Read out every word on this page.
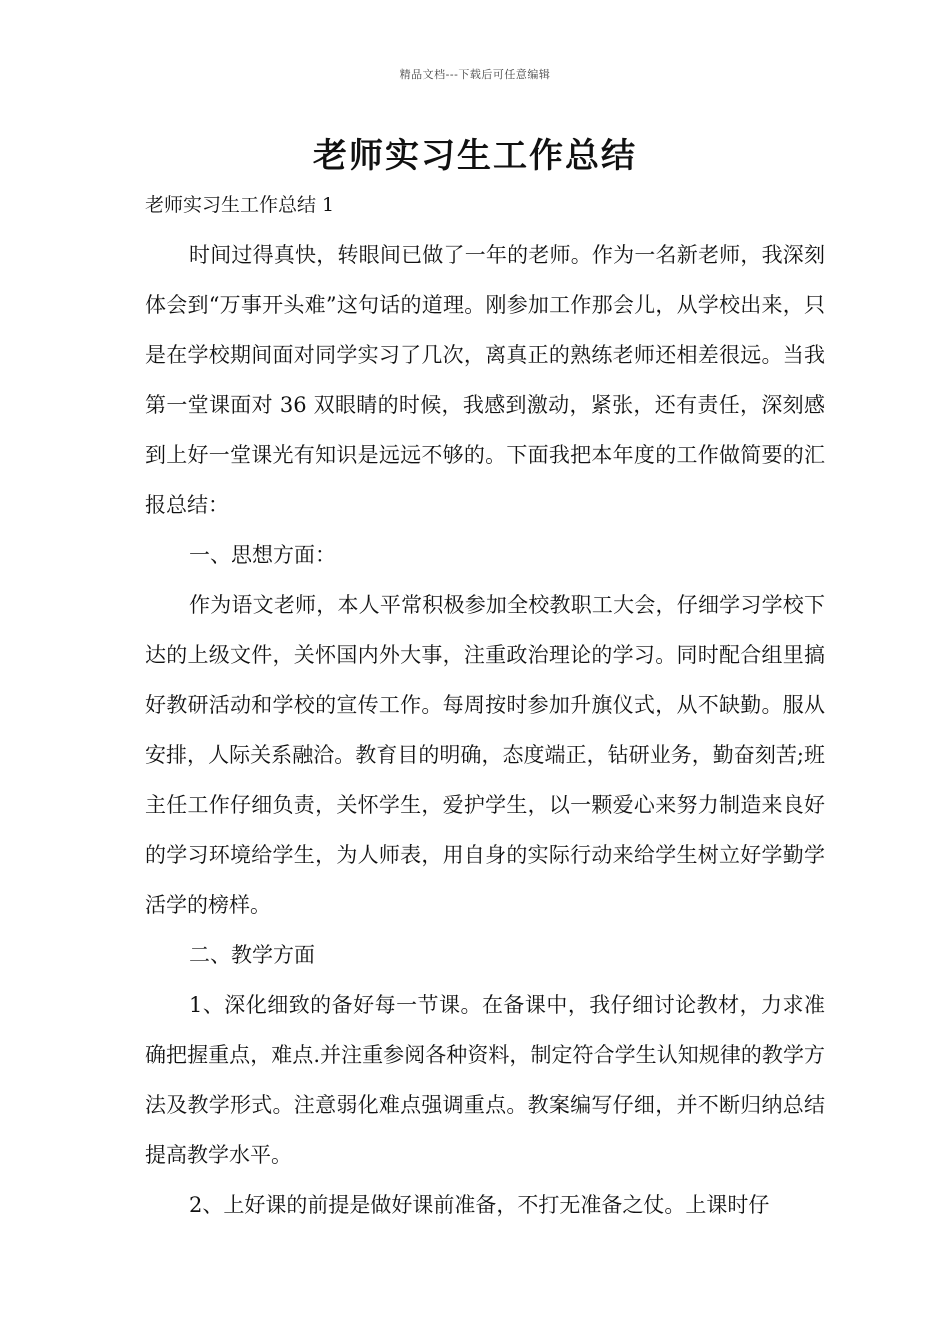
精品文档---下载后可任意编辑
老师实习生工作总结
老师实习生工作总结 1

时间过得真快，转眼间已做了一年的老师。作为一名新老师，我深刻体会到“万事开头难”这句话的道理。刚参加工作那会儿，从学校出来，只是在学校期间面对同学实习了几次，离真正的熟练老师还相差很远。当我第一堂课面对 36 双眼睛的时候，我感到激动，紧张，还有责任，深刻感到上好一堂课光有知识是远远不够的。下面我把本年度的工作做简要的汇报总结：

一、思想方面：

作为语文老师，本人平常积极参加全校教职工大会，仔细学习学校下达的上级文件，关怀国内外大事，注重政治理论的学习。同时配合组里搞好教研活动和学校的宣传工作。每周按时参加升旗仪式，从不缺勤。服从安排，人际关系融洽。教育目的明确，态度端正，钻研业务，勤奋刻苦;班主任工作仔细负责，关怀学生，爱护学生，以一颗爱心来努力制造来良好的学习环境给学生，为人师表，用自身的实际行动来给学生树立好学勤学活学的榜样。

二、教学方面

1、深化细致的备好每一节课。在备课中，我仔细讨论教材，力求准确把握重点，难点.并注重参阅各种资料，制定符合学生认知规律的教学方法及教学形式。注意弱化难点强调重点。教案编写仔细，并不断归纳总结提高教学水平。

2、上好课的前提是做好课前准备，不打无准备之仗。上课时仔
